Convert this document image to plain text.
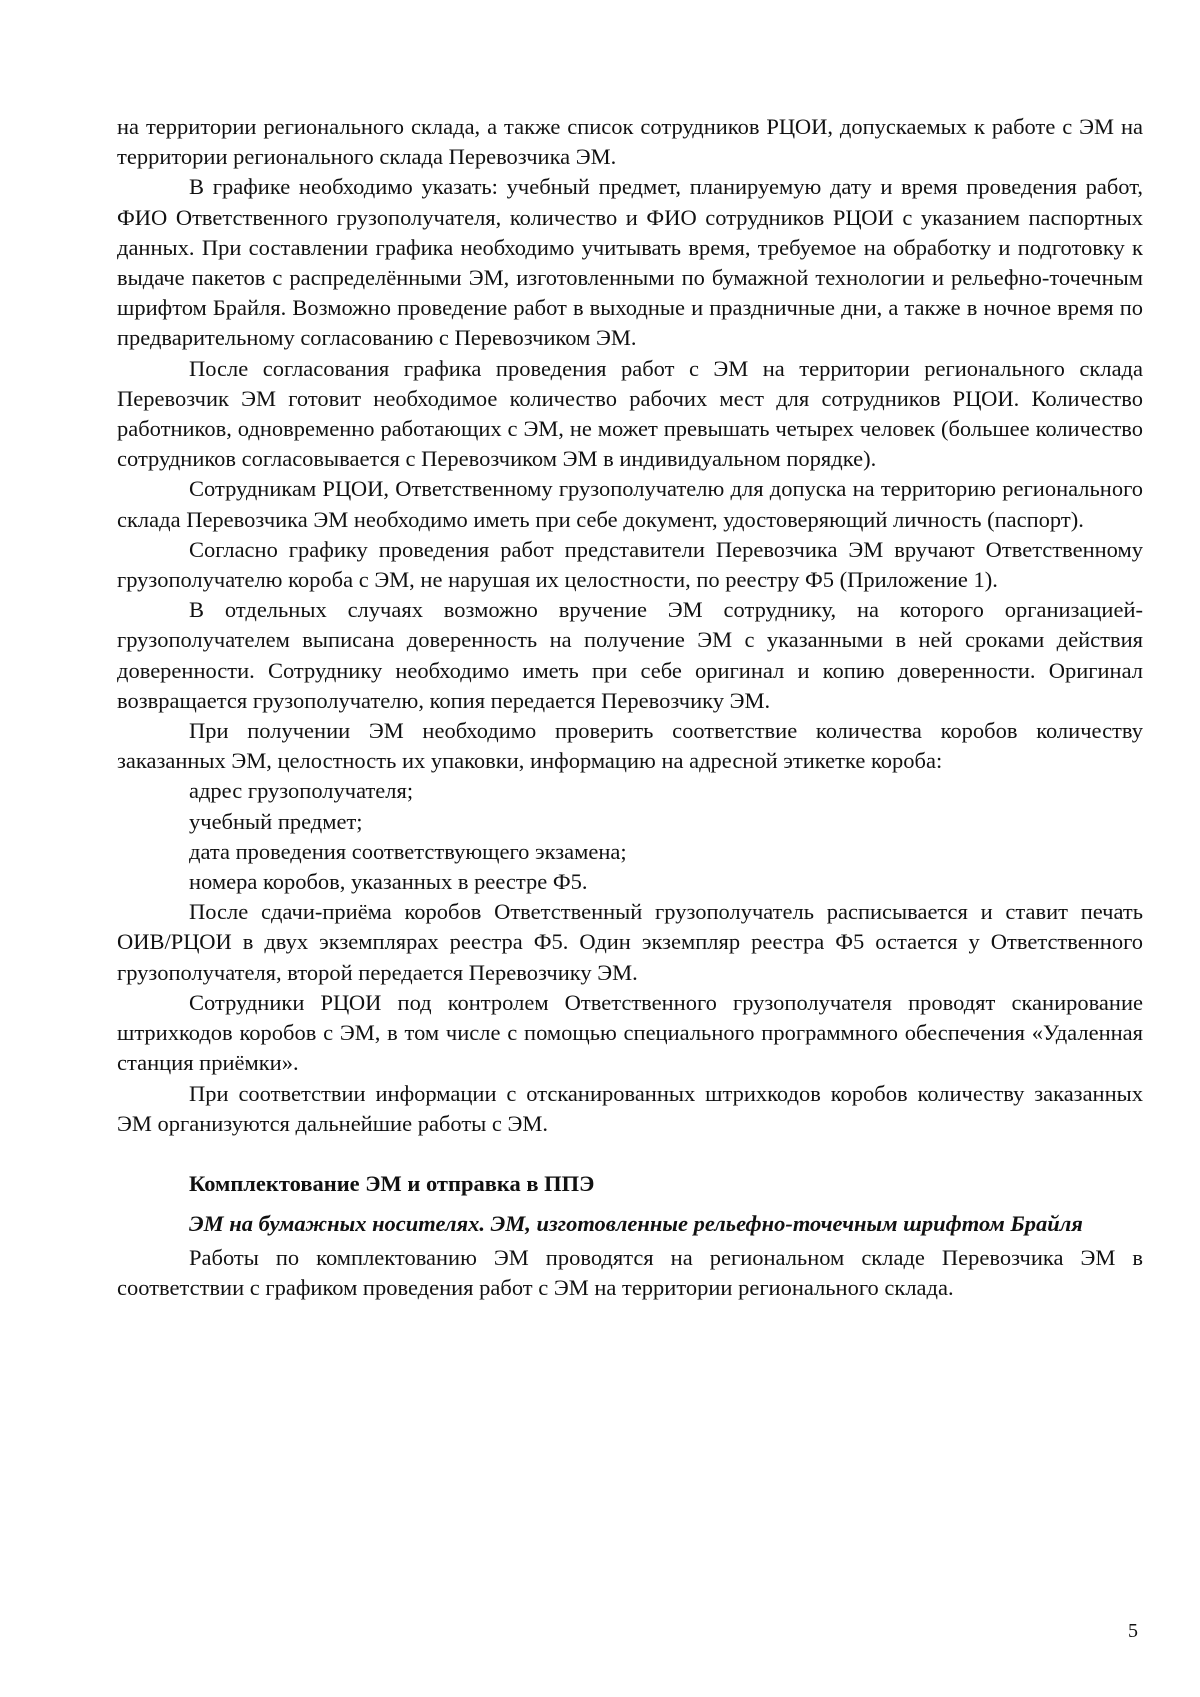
на территории регионального склада, а также список сотрудников РЦОИ, допускаемых к работе с ЭМ на территории регионального склада Перевозчика ЭМ.

В графике необходимо указать: учебный предмет, планируемую дату и время проведения работ, ФИО Ответственного грузополучателя, количество и ФИО сотрудников РЦОИ с указанием паспортных данных. При составлении графика необходимо учитывать время, требуемое на обработку и подготовку к выдаче пакетов с распределёнными ЭМ, изготовленными по бумажной технологии и рельефно-точечным шрифтом Брайля. Возможно проведение работ в выходные и праздничные дни, а также в ночное время по предварительному согласованию с Перевозчиком ЭМ.

После согласования графика проведения работ с ЭМ на территории регионального склада Перевозчик ЭМ готовит необходимое количество рабочих мест для сотрудников РЦОИ. Количество работников, одновременно работающих с ЭМ, не может превышать четырех человек (большее количество сотрудников согласовывается с Перевозчиком ЭМ в индивидуальном порядке).

Сотрудникам РЦОИ, Ответственному грузополучателю для допуска на территорию регионального склада Перевозчика ЭМ необходимо иметь при себе документ, удостоверяющий личность (паспорт).

Согласно графику проведения работ представители Перевозчика ЭМ вручают Ответственному грузополучателю короба с ЭМ, не нарушая их целостности, по реестру Ф5 (Приложение 1).

В отдельных случаях возможно вручение ЭМ сотруднику, на которого организацией-грузополучателем выписана доверенность на получение ЭМ с указанными в ней сроками действия доверенности. Сотруднику необходимо иметь при себе оригинал и копию доверенности. Оригинал возвращается грузополучателю, копия передается Перевозчику ЭМ.

При получении ЭМ необходимо проверить соответствие количества коробов количеству заказанных ЭМ, целостность их упаковки, информацию на адресной этикетке короба:

адрес грузополучателя;

учебный предмет;

дата проведения соответствующего экзамена;

номера коробов, указанных в реестре Ф5.

После сдачи-приёма коробов Ответственный грузополучатель расписывается и ставит печать ОИВ/РЦОИ в двух экземплярах реестра Ф5. Один экземпляр реестра Ф5 остается у Ответственного грузополучателя, второй передается Перевозчику ЭМ.

Сотрудники РЦОИ под контролем Ответственного грузополучателя проводят сканирование штрихкодов коробов с ЭМ, в том числе с помощью специального программного обеспечения «Удаленная станция приёмки».

При соответствии информации с отсканированных штрихкодов коробов количеству заказанных ЭМ организуются дальнейшие работы с ЭМ.

Комплектование ЭМ и отправка в ППЭ

ЭМ на бумажных носителях. ЭМ, изготовленные рельефно-точечным шрифтом Брайля

Работы по комплектованию ЭМ проводятся на региональном складе Перевозчика ЭМ в соответствии с графиком проведения работ с ЭМ на территории регионального склада.

5
